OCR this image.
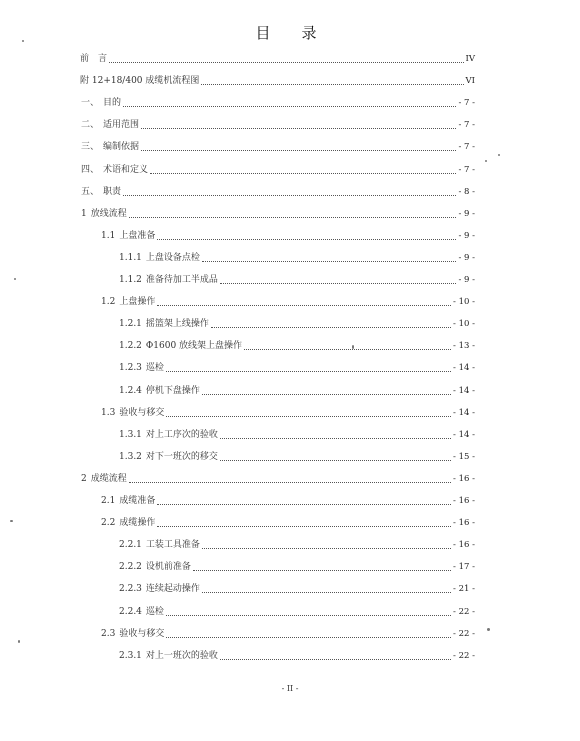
目　录
前　言	IV
附 12+18/400 成缆机流程图	VI
一、 目的	- 7 -
二、 适用范围	- 7 -
三、 编制依据	- 7 -
四、 术语和定义	- 7 -
五、 职责	- 8 -
1 放线流程	- 9 -
1.1 上盘准备	- 9 -
1.1.1 上盘设备点检	- 9 -
1.1.2 准备待加工半成品	- 9 -
1.2 上盘操作	- 10 -
1.2.1 摇篮架上线操作	- 10 -
1.2.2 Φ1600 放线架上盘操作	- 13 -
1.2.3 巡检	- 14 -
1.2.4 停机下盘操作	- 14 -
1.3 验收与移交	- 14 -
1.3.1 对上工序次的验收	- 14 -
1.3.2 对下一班次的移交	- 15 -
2 成缆流程	- 16 -
2.1 成缆准备	- 16 -
2.2 成缆操作	- 16 -
2.2.1 工装工具准备	- 16 -
2.2.2 设机前准备	- 17 -
2.2.3 连续起动操作	- 21 -
2.2.4 巡检	- 22 -
2.3 验收与移交	- 22 -
2.3.1 对上一班次的验收	- 22 -
- II -
